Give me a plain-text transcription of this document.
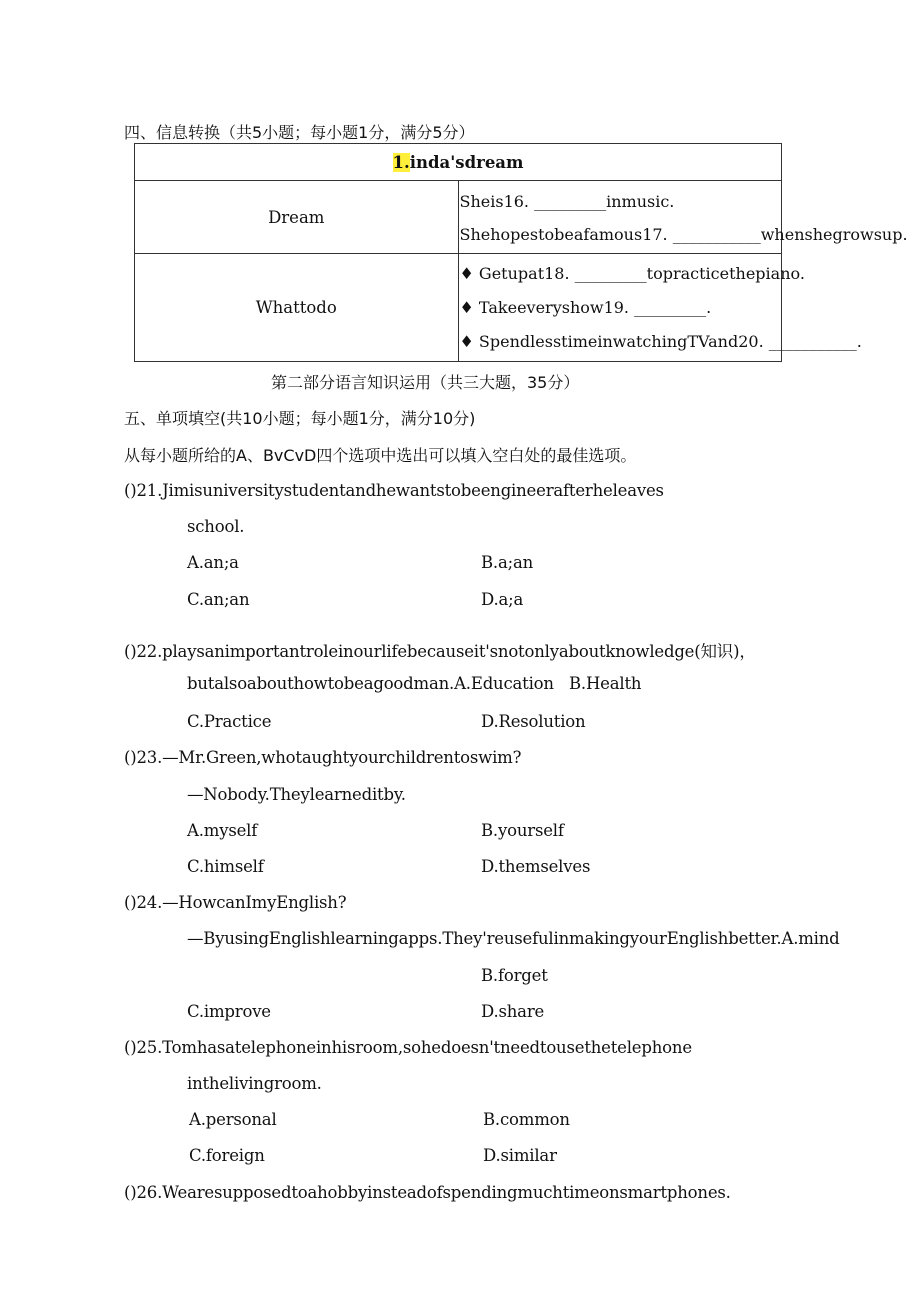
四、信息转换（共5小题；每小题1分，满分5分）
1.inda'sdream	
Dream	Sheis16. _________inmusic.
Shehopestobeafamous17. ___________whenshegrowsup.

Whattodo	♦ Getupat18. _________topracticethepiano.
♦ Takeeveryshow19. _________.
♦ SpendlesstimeinwatchingTVand20. ___________.
第二部分语言知识运用（共三大题，35分）
五、单项填空(共10小题；每小题1分，满分10分)
从每小题所给的A、BvCvD四个选项中选出可以填入空白处的最佳选项。
()21.Jimisuniversitystudentandhewantstobeengineerafterheleaves
school.
A.an;a	B.a;an
C.an;an	D.a;a
()22.playsanimportantroleinourlifebecauseit'snotonlyaboutknowledge(知识)，
butalsoabouthowtobeagoodman.A.Education B.Health
C.Practice	D.Resolution
()23.—Mr.Green,whotaughtyourchildrentoswim?
—Nobody.Theylearneditby.
A.myself	B.yourself
C.himself	D.themselves
()24.—HowcanImyEnglish?
—ByusingEnglishlearningapps.They'reusefulinmakingyourEnglishbetter.A.mind
B.forget
C.improve	D.share
()25.Tomhasatelephoneinhisroom,sohedoesn'tneedtousethetelephone
inthelivingroom.
A.personal	B.common
C.foreign	D.similar
()26.Wearesupposedtoahobbyinsteadofspendingmuchtimeonsmartphones.
